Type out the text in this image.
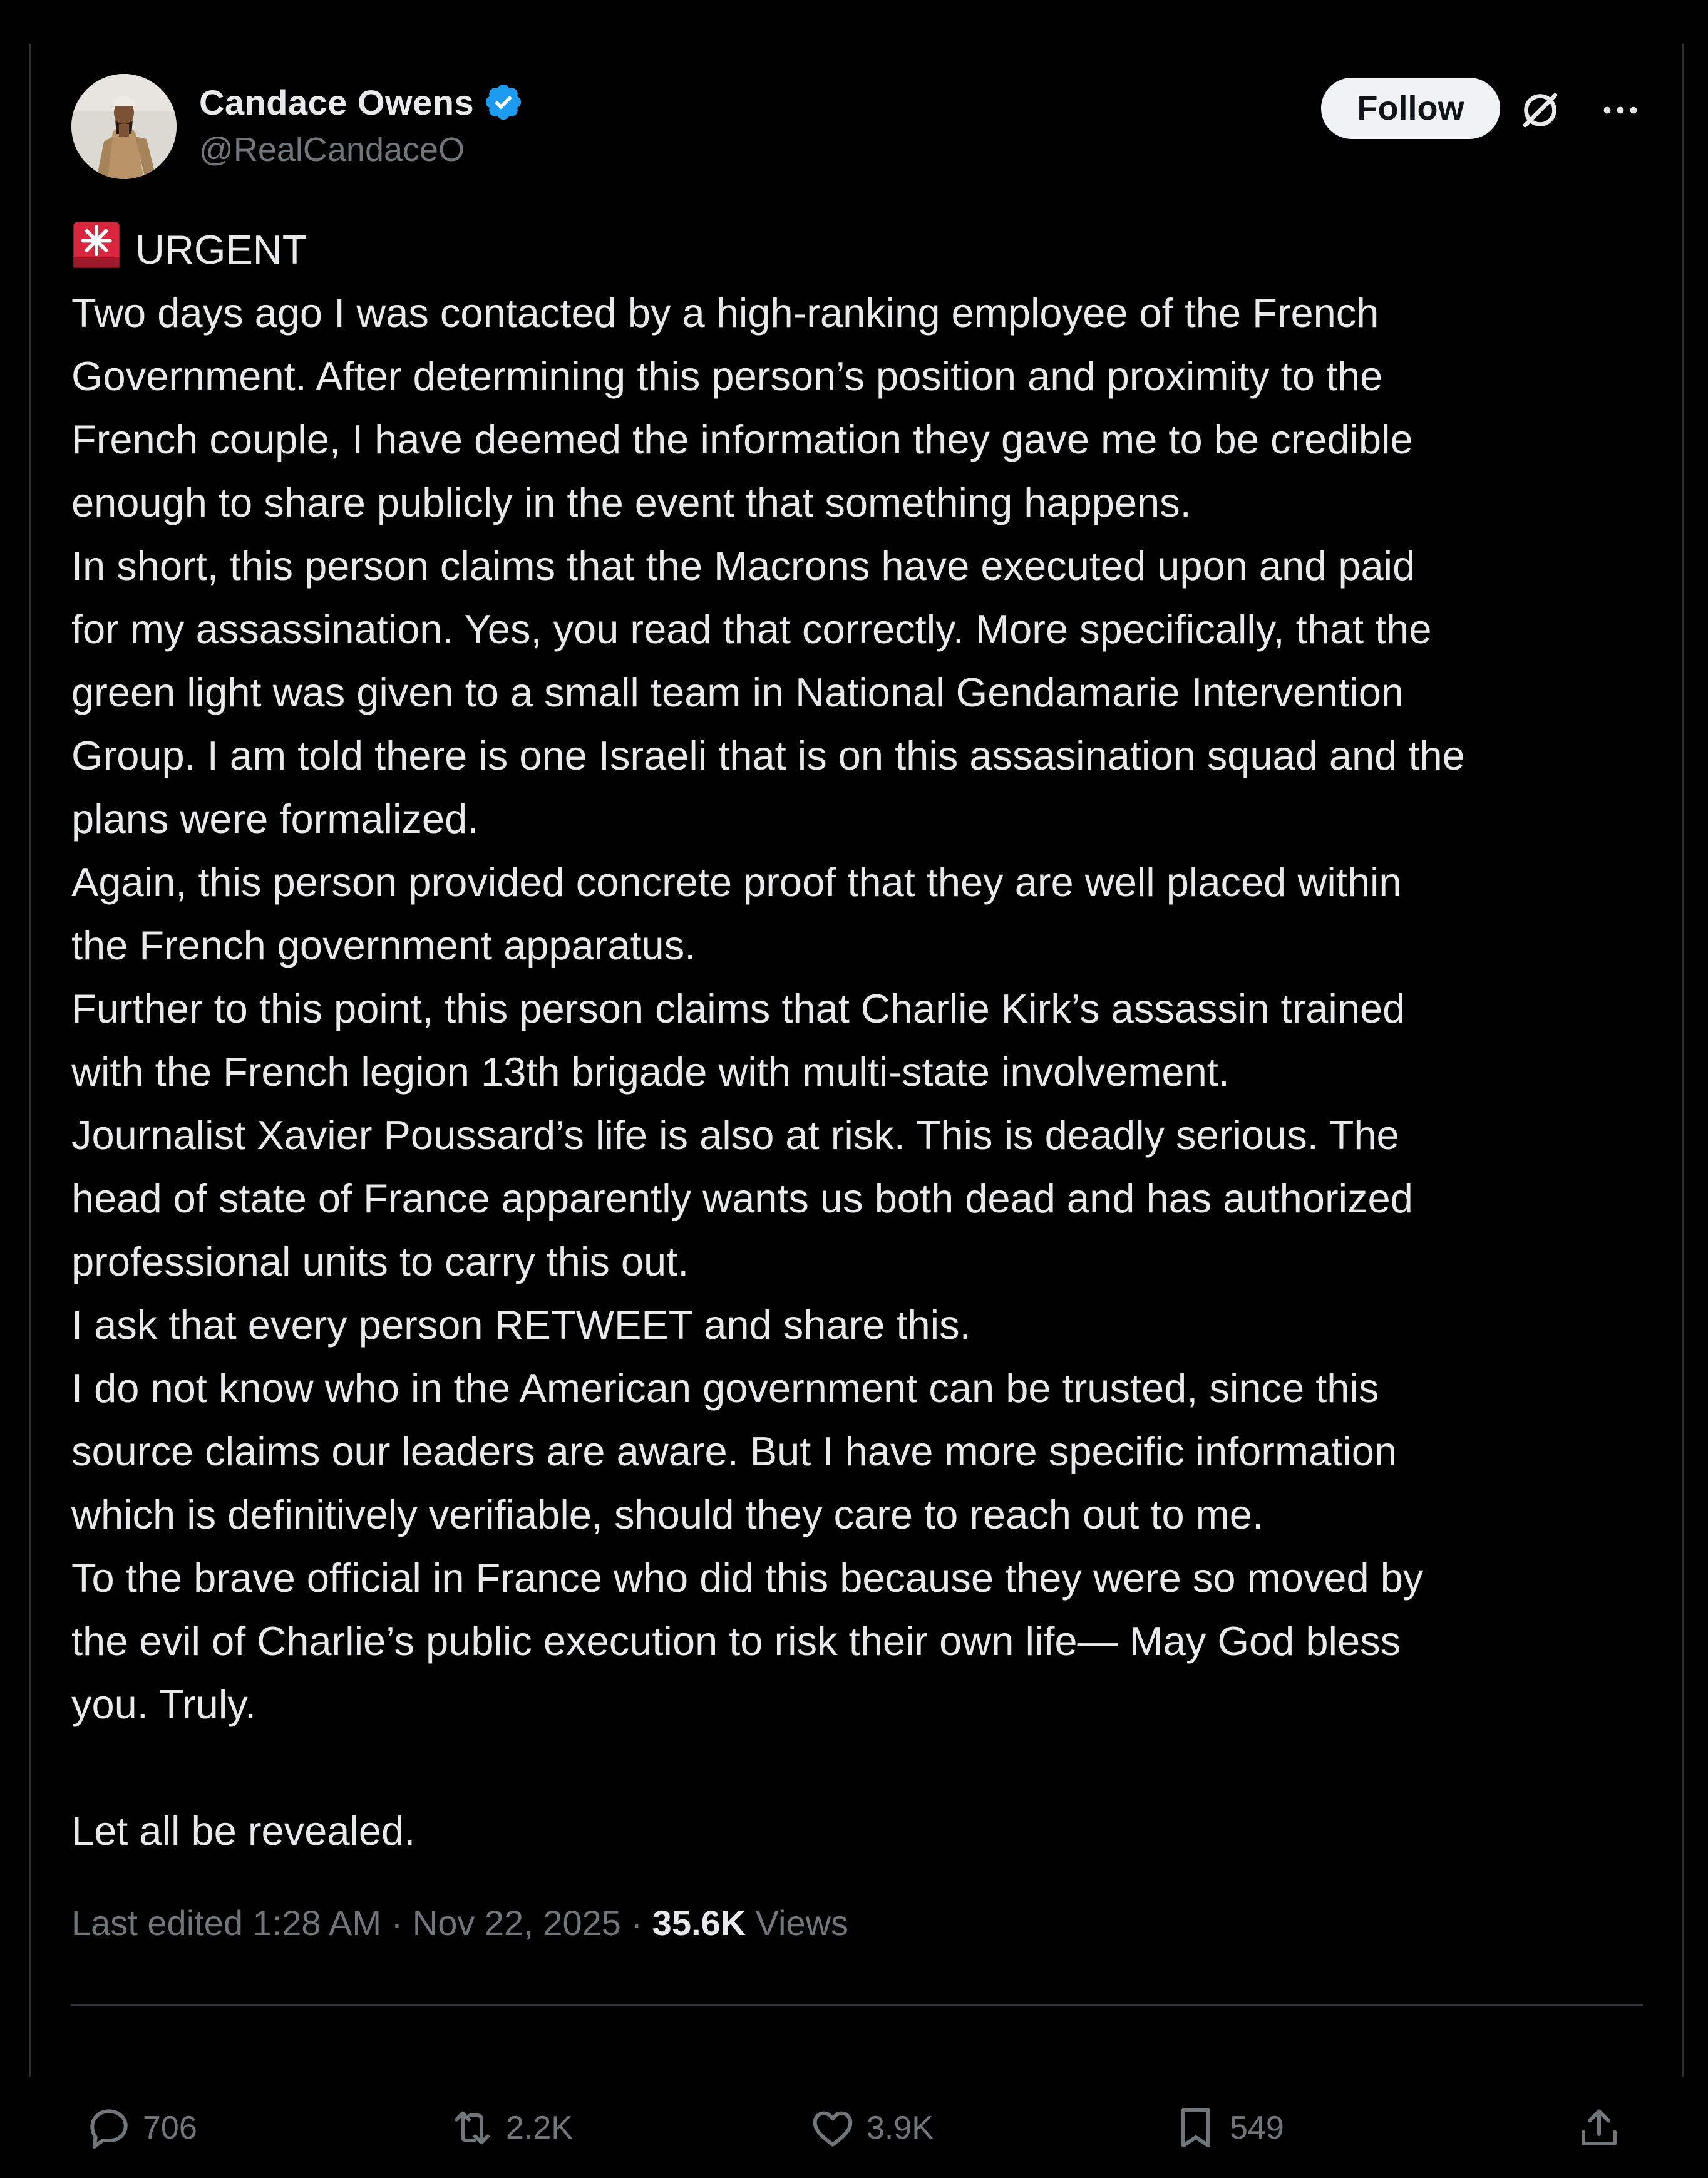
Candace Owens
@RealCandaceO
Follow
URGENT
Two days ago I was contacted by a high-ranking employee of the French
Government. After determining this person’s position and proximity to the
French couple, I have deemed the information they gave me to be credible
enough to share publicly in the event that something happens.
In short, this person claims that the Macrons have executed upon and paid
for my assassination. Yes, you read that correctly. More specifically, that the
green light was given to a small team in National Gendamarie Intervention
Group. I am told there is one Israeli that is on this assasination squad and the
plans were formalized.
Again, this person provided concrete proof that they are well placed within
the French government apparatus.
Further to this point, this person claims that Charlie Kirk’s assassin trained
with the French legion 13th brigade with multi-state involvement.
Journalist Xavier Poussard’s life is also at risk. This is deadly serious. The
head of state of France apparently wants us both dead and has authorized
professional units to carry this out.
I ask that every person RETWEET and share this.
I do not know who in the American government can be trusted, since this
source claims our leaders are aware. But I have more specific information
which is definitively verifiable, should they care to reach out to me.
To the brave official in France who did this because they were so moved by
the evil of Charlie’s public execution to risk their own life— May God bless
you. Truly.
Let all be revealed.
Last edited 1:28 AM · Nov 22, 2025 · 35.6K Views
706	2.2K	3.9K	549
